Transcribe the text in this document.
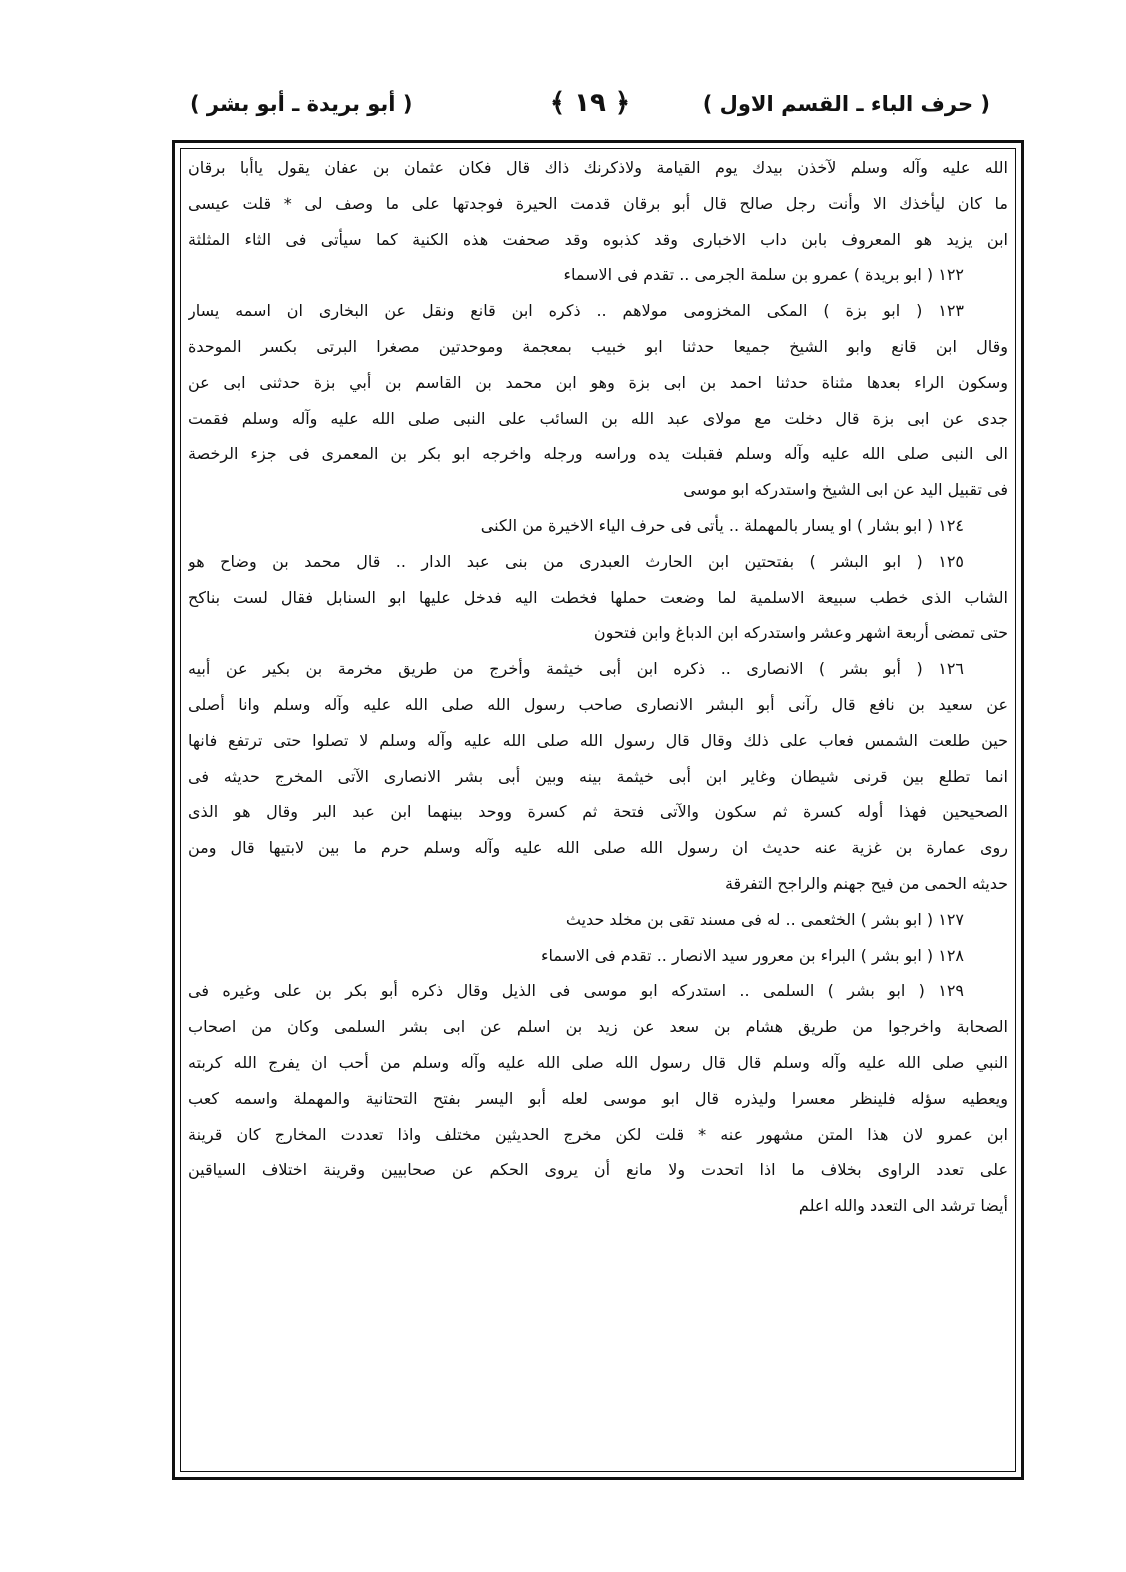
( حرف الباء ـ القسم الاول )
﴿ ١٩ ﴾
( أبو بريدة ـ أبو بشر )
الله عليه وآله وسلم لآخذن بيدك يوم القيامة ولاذكرنك ذاك قال فكان عثمان بن عفان يقول ياأبا برقان
ما كان ليأخذك الا وأنت رجل صالح قال أبو برقان قدمت الحيرة فوجدتها على ما وصف لى * قلت عيسى
ابن يزيد هو المعروف بابن داب الاخبارى وقد كذبوه وقد صحفت هذه الكنية كما سيأتى فى الثاء المثلثة
١٢٢ ( ابو بريدة ) عمرو بن سلمة الجرمى .. تقدم فى الاسماء
١٢٣ ( ابو بزة ) المكى المخزومى مولاهم .. ذكره ابن قانع ونقل عن البخارى ان اسمه يسار
وقال ابن قانع وابو الشيخ جميعا حدثنا ابو خبيب بمعجمة وموحدتين مصغرا البرتى بكسر الموحدة
وسكون الراء بعدها مثناة حدثنا احمد بن ابى بزة وهو ابن محمد بن القاسم بن أبي بزة حدثنى ابى عن
جدى عن ابى بزة قال دخلت مع مولاى عبد الله بن السائب على النبى صلى الله عليه وآله وسلم فقمت
الى النبى صلى الله عليه وآله وسلم فقبلت يده وراسه ورجله واخرجه ابو بكر بن المعمرى فى جزء الرخصة
فى تقبيل اليد عن ابى الشيخ واستدركه ابو موسى
١٢٤ ( ابو بشار ) او يسار بالمهملة .. يأتى فى حرف الياء الاخيرة من الكنى
١٢٥ ( ابو البشر ) بفتحتين ابن الحارث العبدرى من بنى عبد الدار .. قال محمد بن وضاح هو
الشاب الذى خطب سبيعة الاسلمية لما وضعت حملها فخطت اليه فدخل عليها ابو السنابل فقال لست بناكح
حتى تمضى أربعة اشهر وعشر واستدركه ابن الدباغ وابن فتحون
١٢٦ ( أبو بشر ) الانصارى .. ذكره ابن أبى خيثمة وأخرج من طريق مخرمة بن بكير عن أبيه
عن سعيد بن نافع قال رآنى أبو البشر الانصارى صاحب رسول الله صلى الله عليه وآله وسلم وانا أصلى
حين طلعت الشمس فعاب على ذلك وقال قال رسول الله صلى الله عليه وآله وسلم لا تصلوا حتى ترتفع فانها
انما تطلع بين قرنى شيطان وغاير ابن أبى خيثمة بينه وبين أبى بشر الانصارى الآتى المخرج حديثه فى
الصحيحين فهذا أوله كسرة ثم سكون والآتى فتحة ثم كسرة ووحد بينهما ابن عبد البر وقال هو الذى
روى عمارة بن غزية عنه حديث ان رسول الله صلى الله عليه وآله وسلم حرم ما بين لابتيها قال ومن
حديثه الحمى من فيح جهنم والراجح التفرقة
١٢٧ ( ابو بشر ) الخثعمى .. له فى مسند تقى بن مخلد حديث
١٢٨ ( ابو بشر ) البراء بن معرور سيد الانصار .. تقدم فى الاسماء
١٢٩ ( ابو بشر ) السلمى .. استدركه ابو موسى فى الذيل وقال ذكره أبو بكر بن على وغيره فى
الصحابة واخرجوا من طريق هشام بن سعد عن زيد بن اسلم عن ابى بشر السلمى وكان من اصحاب
النبي صلى الله عليه وآله وسلم قال قال رسول الله صلى الله عليه وآله وسلم من أحب ان يفرج الله كربته
ويعطيه سؤله فلينظر معسرا وليذره قال ابو موسى لعله أبو اليسر بفتح التحتانية والمهملة واسمه كعب
ابن عمرو لان هذا المتن مشهور عنه * قلت لكن مخرج الحديثين مختلف واذا تعددت المخارج كان قرينة
على تعدد الراوى بخلاف ما اذا اتحدت ولا مانع أن يروى الحكم عن صحابيين وقرينة اختلاف السياقين
أيضا ترشد الى التعدد والله اعلم
